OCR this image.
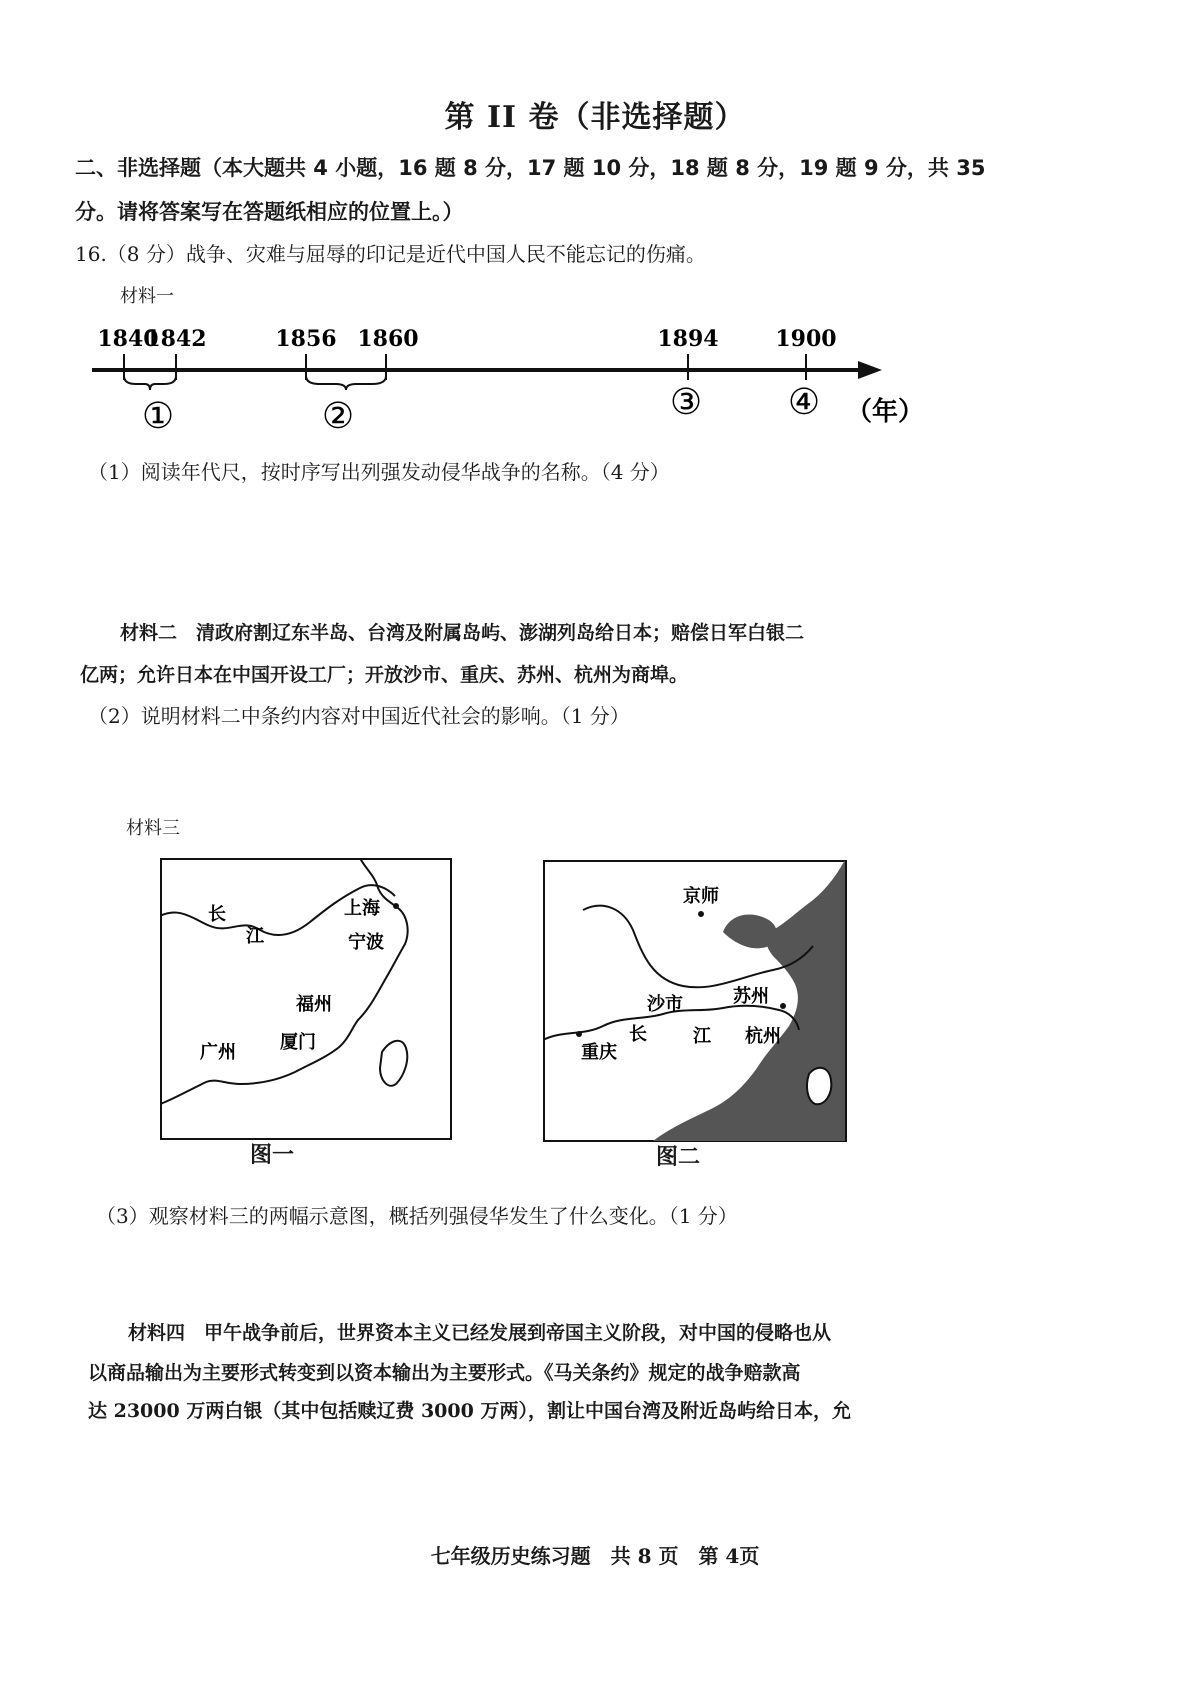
第 II 卷（非选择题）
二、非选择题（本大题共 4 小题，16 题 8 分，17 题 10 分，18 题 8 分，19 题 9 分，共 35
分。请将答案写在答题纸相应的位置上。）
16.（8 分）战争、灾难与屈辱的印记是近代中国人民不能忘记的伤痛。
材料一
1840
1842	1856 1860	1894	1900
①	②	③ ④ （年）
（1）阅读年代尺，按时序写出列强发动侵华战争的名称。（4 分）
材料二　清政府割辽东半岛、台湾及附属岛屿、澎湖列岛给日本；赔偿日军白银二
亿两；允许日本在中国开设工厂；开放沙市、重庆、苏州、杭州为商埠。
（2）说明材料二中条约内容对中国近代社会的影响。（1 分）
材料三
长
江
上海
宁波
福州
广州 厦门
图一
京师
沙市
长	江
苏州
杭州
重庆
图二
（3）观察材料三的两幅示意图，概括列强侵华发生了什么变化。（1 分）
材料四　甲午战争前后，世界资本主义已经发展到帝国主义阶段，对中国的侵略也从
以商品输出为主要形式转变到以资本输出为主要形式。《马关条约》规定的战争赔款高
达 23000 万两白银（其中包括赎辽费 3000 万两），割让中国台湾及附近岛屿给日本，允
七年级历史练习题　共 8 页　第 4页
